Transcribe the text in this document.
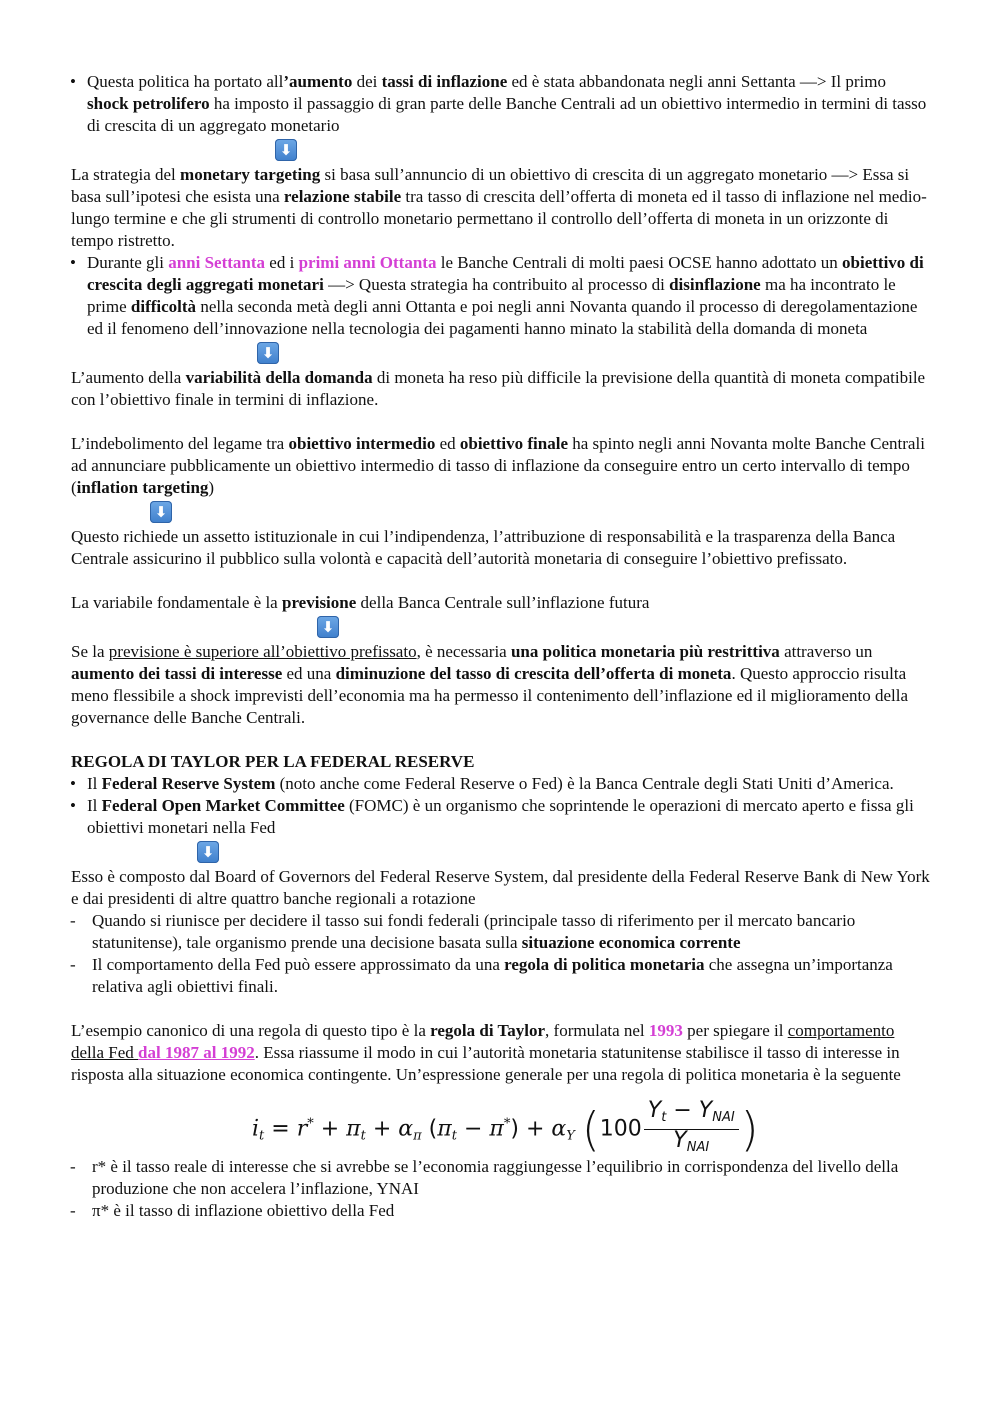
• Questa politica ha portato all’aumento dei tassi di inflazione ed è stata abbandonata negli anni Settanta —> Il primo shock petrolifero ha imposto il passaggio di gran parte delle Banche Centrali ad un obiettivo intermedio in termini di tasso di crescita di un aggregato monetario
⬇

La strategia del monetary targeting si basa sull’annuncio di un obiettivo di crescita di un aggregato monetario —> Essa si basa sull’ipotesi che esista una relazione stabile tra tasso di crescita dell’offerta di moneta ed il tasso di inflazione nel medio-lungo termine e che gli strumenti di controllo monetario permettano il controllo dell’offerta di moneta in un orizzonte di tempo ristretto.

• Durante gli anni Settanta ed i primi anni Ottanta le Banche Centrali di molti paesi OCSE hanno adottato un obiettivo di crescita degli aggregati monetari —> Questa strategia ha contribuito al processo di disinflazione ma ha incontrato le prime difficoltà nella seconda metà degli anni Ottanta e poi negli anni Novanta quando il processo di deregolamentazione ed il fenomeno dell’innovazione nella tecnologia dei pagamenti hanno minato la stabilità della domanda di moneta
⬇

L’aumento della variabilità della domanda di moneta ha reso più difficile la previsione della quantità di moneta compatibile con l’obiettivo finale in termini di inflazione.

L’indebolimento del legame tra obiettivo intermedio ed obiettivo finale ha spinto negli anni Novanta molte Banche Centrali ad annunciare pubblicamente un obiettivo intermedio di tasso di inflazione da conseguire entro un certo intervallo di tempo (inflation targeting)

⬇

Questo richiede un assetto istituzionale in cui l’indipendenza, l’attribuzione di responsabilità e la trasparenza della Banca Centrale assicurino il pubblico sulla volontà e capacità dell’autorità monetaria di conseguire l’obiettivo prefissato.

La variabile fondamentale è la previsione della Banca Centrale sull’inflazione futura

⬇

Se la previsione è superiore all’obiettivo prefissato, è necessaria una politica monetaria più restrittiva attraverso un aumento dei tassi di interesse ed una diminuzione del tasso di crescita dell’offerta di moneta. Questo approccio risulta meno flessibile a shock imprevisti dell’economia ma ha permesso il contenimento dell’inflazione ed il miglioramento della governance delle Banche Centrali.

REGOLA DI TAYLOR PER LA FEDERAL RESERVE

• Il Federal Reserve System (noto anche come Federal Reserve o Fed) è la Banca Centrale degli Stati Uniti d’America.
• Il Federal Open Market Committee (FOMC) è un organismo che soprintende le operazioni di mercato aperto e fissa gli obiettivi monetari nella Fed
⬇

Esso è composto dal Board of Governors del Federal Reserve System, dal presidente della Federal Reserve Bank di New York e dai presidenti di altre quattro banche regionali a rotazione

- Quando si riunisce per decidere il tasso sui fondi federali (principale tasso di riferimento per il mercato bancario statunitense), tale organismo prende una decisione basata sulla situazione economica corrente
- Il comportamento della Fed può essere approssimato da una regola di politica monetaria che assegna un’importanza relativa agli obiettivi finali.

L’esempio canonico di una regola di questo tipo è la regola di Taylor, formulata nel 1993 per spiegare il comportamento della Fed dal 1987 al 1992. Essa riassume il modo in cui l’autorità monetaria statunitense stabilisce il tasso di interesse in risposta alla situazione economica contingente. Un’espressione generale per una regola di politica monetaria è la seguente

$i_t = r^* + \pi_t + \alpha_\pi$ $(\pi_t - \pi^*) + \alpha_Y$ ($100 \frac{Y_t - Y_{NAI}}{Y_{NAI}}$ )
- r* è il tasso reale di interesse che si avrebbe se l’economia raggiungesse l’equilibrio in corrispondenza del livello della produzione che non accelera l’inflazione, YNAI
- π* è il tasso di inflazione obiettivo della Fed
